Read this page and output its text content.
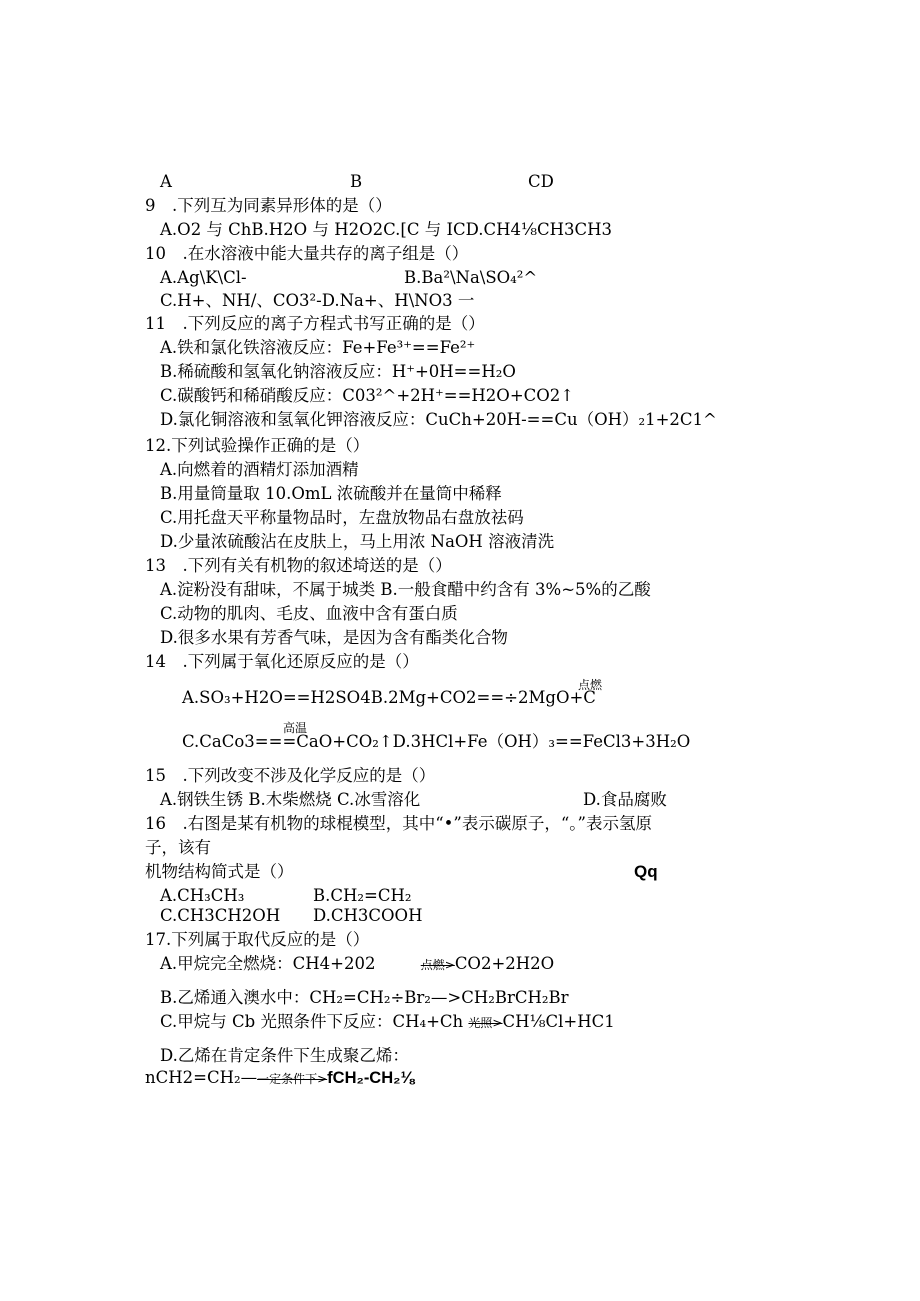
A	B	CD
9　.下列互为同素异形体的是（）
A.O2 与 ChB.H2O 与 H2O2C.[C 与 ICD.CH4⅛CH3CH3
10　.在水溶液中能大量共存的离子组是（）
A.Ag\K\Cl-	B.Ba²\Na\SO₄²^
C.H+、NH/、CO3²-D.Na+、H\NO3 一
11　.下列反应的离子方程式书写正确的是（）
A.铁和氯化铁溶液反应：Fe+Fe³⁺==Fe²⁺
B.稀硫酸和氢氧化钠溶液反应：H⁺+0H==H₂O
C.碳酸钙和稀硝酸反应：C03²^+2H⁺==H2O+CO2↑
D.氯化铜溶液和氢氧化钾溶液反应：CuCh+20H-==Cu（OH）₂1+2C1^
12.下列试验操作正确的是（）
A.向燃着的酒精灯添加酒精
B.用量筒量取 10.OmL 浓硫酸并在量筒中稀释
C.用托盘天平称量物品时，左盘放物品右盘放祛码
D.少量浓硫酸沾在皮肤上，马上用浓 NaOH 溶液清洗
13　.下列有关有机物的叙述埼送的是（）
A.淀粉没有甜味，不属于城类 B.一般食醋中约含有 3%~5%的乙酸
C.动物的肌肉、毛皮、血液中含有蛋白质
D.很多水果有芳香气味，是因为含有酯类化合物
14　.下列属于氧化还原反应的是（）
点燃
A.SO₃+H2O==H2SO4B.2Mg+CO2==÷2MgO+C
高温
C.CaCo3===CaO+CO₂↑D.3HCl+Fe（OH）₃==FeCl3+3H₂O
15　.下列改变不涉及化学反应的是（）
A.钢铁生锈 B.木柴燃烧 C.冰雪溶化	D.食品腐败
16　.右图是某有机物的球棍模型，其中“•”表示碳原子，“。”表示氢原
子，该有
机物结构简式是（）	Qq
A.CH₃CH₃	B.CH₂=CH₂
C.CH3CH2OH D.CH3COOH
17.下列属于取代反应的是（）
A.甲烷完全燃烧：CH4+202	点燃>CO2+2H2O
B.乙烯通入澳水中：CH₂=CH₂÷Br₂—>CH₂BrCH₂Br
C.甲烷与 Cb 光照条件下反应：CH₄+Ch 光照>CH⅛Cl+HC1
D.乙烯在肯定条件下生成聚乙烯：
nCH2=CH₂—一定条件下>fCH₂-CH₂⅛
